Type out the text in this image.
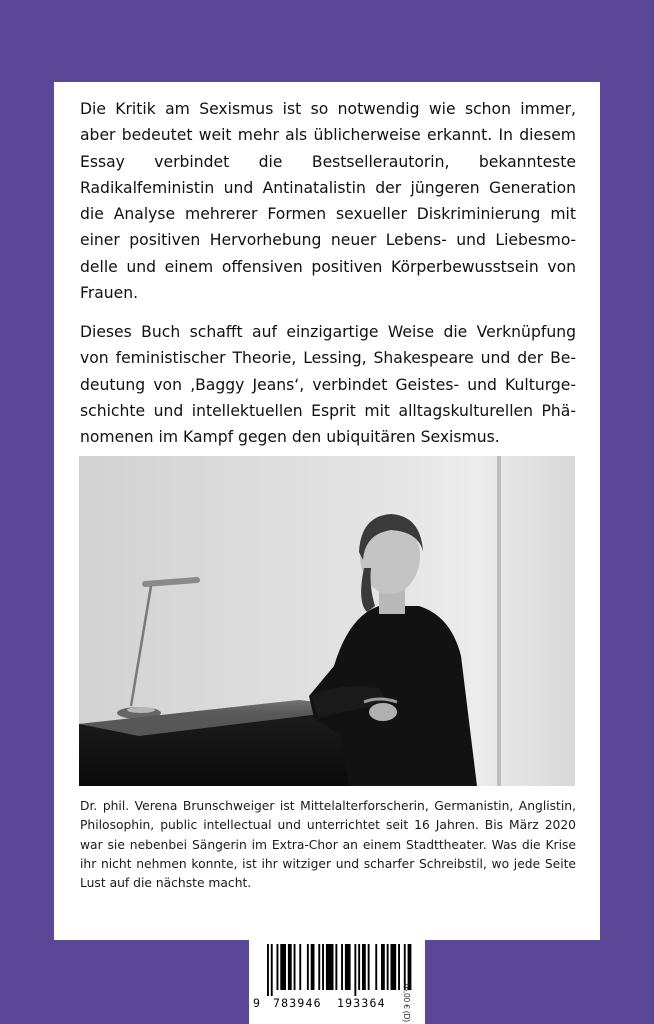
Die Kritik am Sexismus ist so notwendig wie schon immer, aber bedeutet weit mehr als üblicherweise erkannt. In diesem Essay verbindet die Bestsellerautorin, bekannteste Radikalfeministin und Antinatalistin der jüngeren Generation die Analyse mehrerer Formen sexueller Diskriminierung mit einer positiven Hervorhebung neuer Lebens- und Liebesmodelle und einem offensiven positiven Körperbewusstsein von Frauen.

Dieses Buch schafft auf einzigartige Weise die Verknüpfung von feministischer Theorie, Lessing, Shakespeare und der Bedeutung von ‚Baggy Jeans‘, verbindet Geistes- und Kulturgeschichte und intellektuellen Esprit mit alltagskulturellen Phänomenen im Kampf gegen den ubiquitären Sexismus.

Dr. phil. Verena Brunschweiger ist Mittelalterforscherin, Germanistin, Anglistin, Philosophin, public intellectual und unterrichtet seit 16 Jahren. Bis März 2020 war sie nebenbei Sängerin im Extra-Chor an einem Stadttheater. Was die Krise ihr nicht nehmen konnte, ist ihr witziger und scharfer Schreibstil, wo jede Seite Lust auf die nächste macht.

9 783946 193364 16,00 € (D)
